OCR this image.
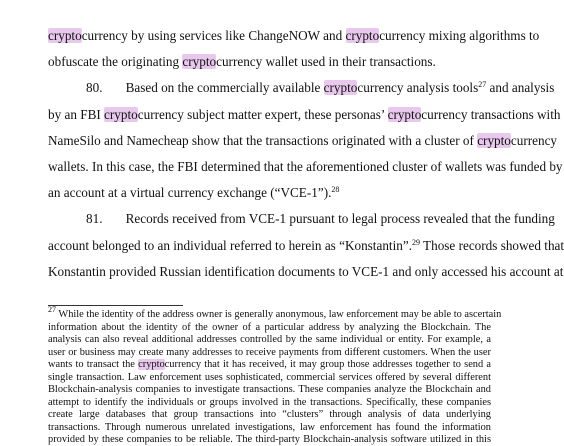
cryptocurrency by using services like ChangeNOW and cryptocurrency mixing algorithms to
obfuscate the originating cryptocurrency wallet used in their transactions.
80.       Based on the commercially available cryptocurrency analysis tools$^{27}$ and analysis
by an FBI cryptocurrency subject matter expert, these personas’ cryptocurrency transactions with
NameSilo and Namecheap show that the transactions originated with a cluster of cryptocurrency
wallets. In this case, the FBI determined that the aforementioned cluster of wallets was funded by
an account at a virtual currency exchange (“VCE-1”).$^{28}$
81.       Records received from VCE-1 pursuant to legal process revealed that the funding
account belonged to an individual referred to herein as “Konstantin”.$^{29}$ Those records showed that
Konstantin provided Russian identification documents to VCE-1 and only accessed his account at
$^{27}$ While the identity of the address owner is generally anonymous, law enforcement may be able to ascertain
information about the identity of the owner of a particular address by analyzing the Blockchain. The
analysis can also reveal additional addresses controlled by the same individual or entity. For example, a
user or business may create many addresses to receive payments from different customers. When the user
wants to transact the cryptocurrency that it has received, it may group those addresses together to send a
single transaction. Law enforcement uses sophisticated, commercial services offered by several different
Blockchain-analysis companies to investigate transactions. These companies analyze the Blockchain and
attempt to identify the individuals or groups involved in the transactions. Specifically, these companies
create large databases that group transactions into “clusters” through analysis of data underlying
transactions. Through numerous unrelated investigations, law enforcement has found the information
provided by these companies to be reliable. The third-party Blockchain-analysis software utilized in this
